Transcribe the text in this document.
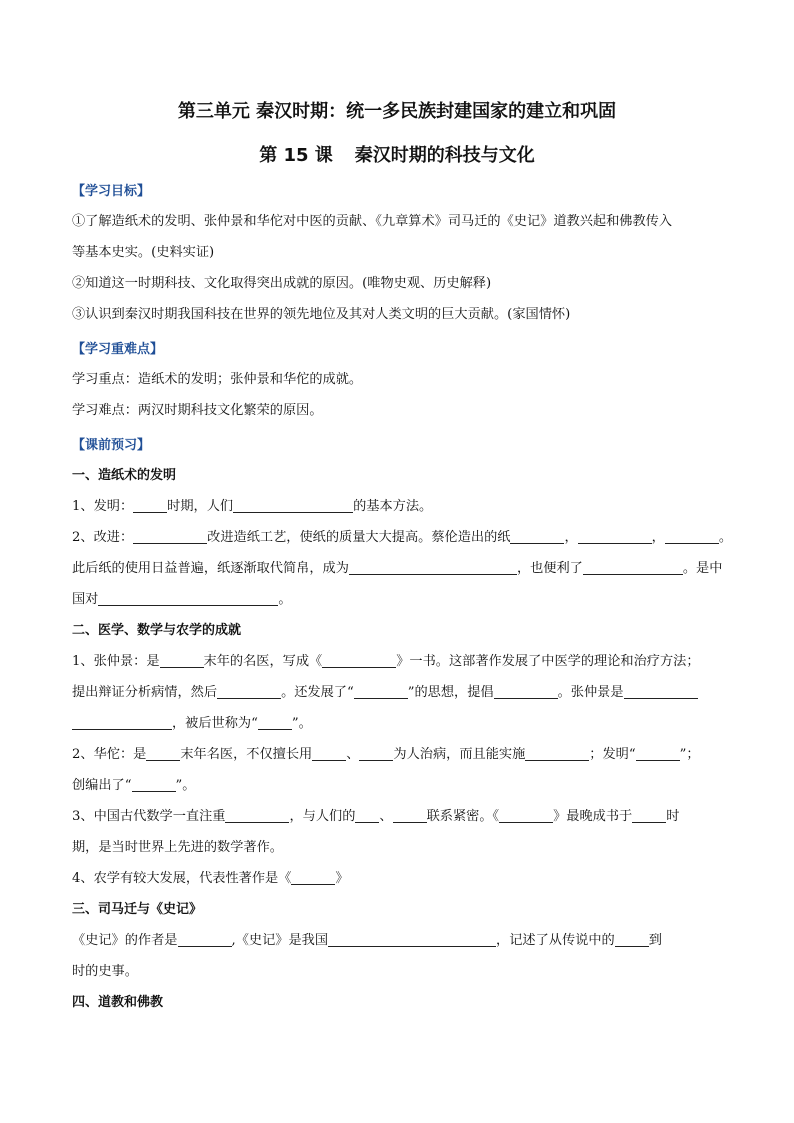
第三单元 秦汉时期：统一多民族封建国家的建立和巩固
第 15 课 秦汉时期的科技与文化
【学习目标】

①了解造纸术的发明、张仲景和华佗对中医的贡献、《九章算术》司马迁的《史记》道教兴起和佛教传入

等基本史实。(史料实证)

②知道这一时期科技、文化取得突出成就的原因。(唯物史观、历史解释)

③认识到秦汉时期我国科技在世界的领先地位及其对人类文明的巨大贡献。(家国情怀)

【学习重难点】

学习重点：造纸术的发明；张仲景和华佗的成就。

学习难点：两汉时期科技文化繁荣的原因。

【课前预习】

一、造纸术的发明

1、发明：	时期，人们	的基本方法。

2、改进：	改进造纸工艺，使纸的质量大大提高。蔡伦造出的纸	，	，	。

此后纸的使用日益普遍，纸逐渐取代简帛，成为	，也便利了	。是中

国对	。

二、医学、数学与农学的成就

1、张仲景：是	末年的名医，写成《	》一书。这部著作发展了中医学的理论和治疗方法；

提出辩证分析病情，然后	。还发展了“	”的思想，提倡	。张仲景是

，被后世称为“	”。

2、华佗：是	末年名医，不仅擅长用	、	为人治病，而且能实施	；发明“	”；

创编出了“	”。

3、中国古代数学一直注重	，与人们的 、	联系紧密。《	》最晚成书于	时

期，是当时世界上先进的数学著作。

4、农学有较大发展，代表性著作是《	》

三、司马迁与《史记》

《史记》的作者是	,《史记》是我国	，记述了从传说中的	到

时的史事。

四、道教和佛教
